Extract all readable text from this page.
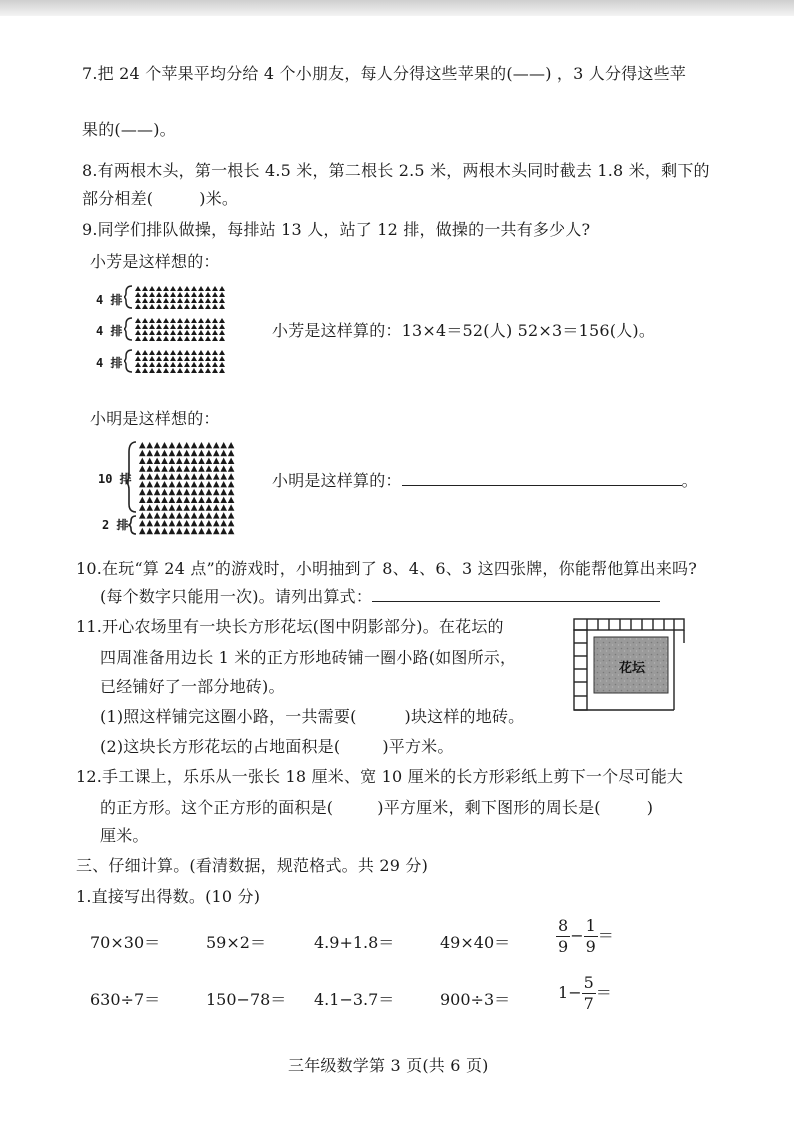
7.把 24 个苹果平均分给 4 个小朋友，每人分得这些苹果的(——) ，3 人分得这些苹
果的(——)。
8.有两根木头，第一根长 4.5 米，第二根长 2.5 米，两根木头同时截去 1.8 米，剩下的
部分相差(	)米。
9.同学们排队做操，每排站 13 人，站了 12 排，做操的一共有多少人?
小芳是这样想的：
4 排
4 排
4 排
小芳是这样算的：13×4＝52(人) 52×3＝156(人)。
小明是这样想的：
10 排
2 排
小明是这样算的：	。
10.在玩“算 24 点”的游戏时，小明抽到了 8、4、6、3 这四张牌，你能帮他算出来吗?
(每个数字只能用一次)。请列出算式：
11.开心农场里有一块长方形花坛(图中阴影部分)。在花坛的
四周准备用边长 1 米的正方形地砖铺一圈小路(如图所示，
已经铺好了一部分地砖)。
(1)照这样铺完这圈小路，一共需要(	)块这样的地砖。
(2)这块长方形花坛的占地面积是(	)平方米。
花坛
12.手工课上，乐乐从一张长 18 厘米、宽 10 厘米的长方形彩纸上剪下一个尽可能大
的正方形。这个正方形的面积是(	)平方厘米，剩下图形的周长是(	)
厘米。
三、仔细计算。(看清数据，规范格式。共 29 分)
1.直接写出得数。(10 分)
70×30＝	59×2＝	4.9+1.8＝	49×40＝	$\frac{8}{9} - \frac{1}{9}$ ＝
630÷7＝	150−78＝ 4.1−3.7＝	900÷3＝	$1- \frac{5}{7}$ ＝
三年级数学第 3 页(共 6 页)
